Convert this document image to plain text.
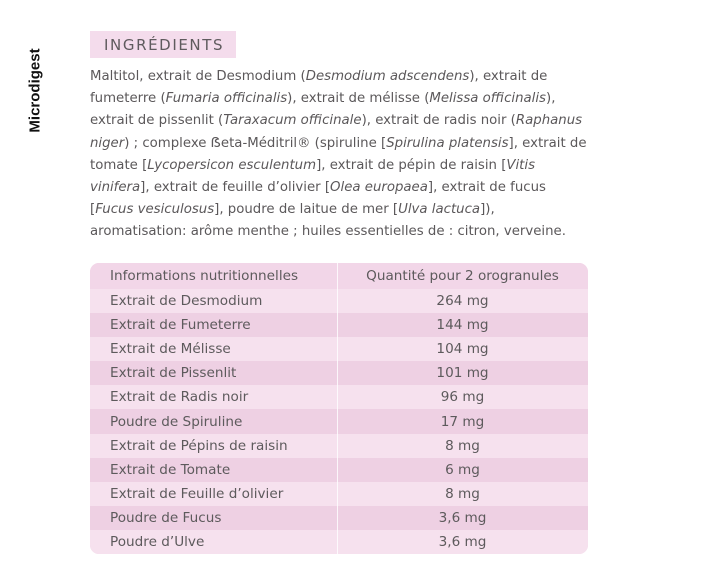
Microdigest
INGRÉDIENTS

Maltitol, extrait de Desmodium (Desmodium adscendens), extrait de fumeterre (Fumaria officinalis), extrait de mélisse (Melissa officinalis), extrait de pissenlit (Taraxacum officinale), extrait de radis noir (Raphanus niger) ; complexe ẞeta-Méditril® (spiruline [Spirulina platensis], extrait de tomate [Lycopersicon esculentum], extrait de pépin de raisin [Vitis vinifera], extrait de feuille d’olivier [Olea europaea], extrait de fucus [Fucus vesiculosus], poudre de laitue de mer [Ulva lactuca]), aromatisation: arôme menthe ; huiles essentielles de : citron, verveine.

Informations nutritionnelles	Quantité pour 2 orogranules
Extrait de Desmodium	264 mg
Extrait de Fumeterre	144 mg
Extrait de Mélisse	104 mg
Extrait de Pissenlit	101 mg
Extrait de Radis noir	96 mg
Poudre de Spiruline	17 mg
Extrait de Pépins de raisin	8 mg
Extrait de Tomate	6 mg
Extrait de Feuille d’olivier	8 mg
Poudre de Fucus	3,6 mg
Poudre d’Ulve	3,6 mg
